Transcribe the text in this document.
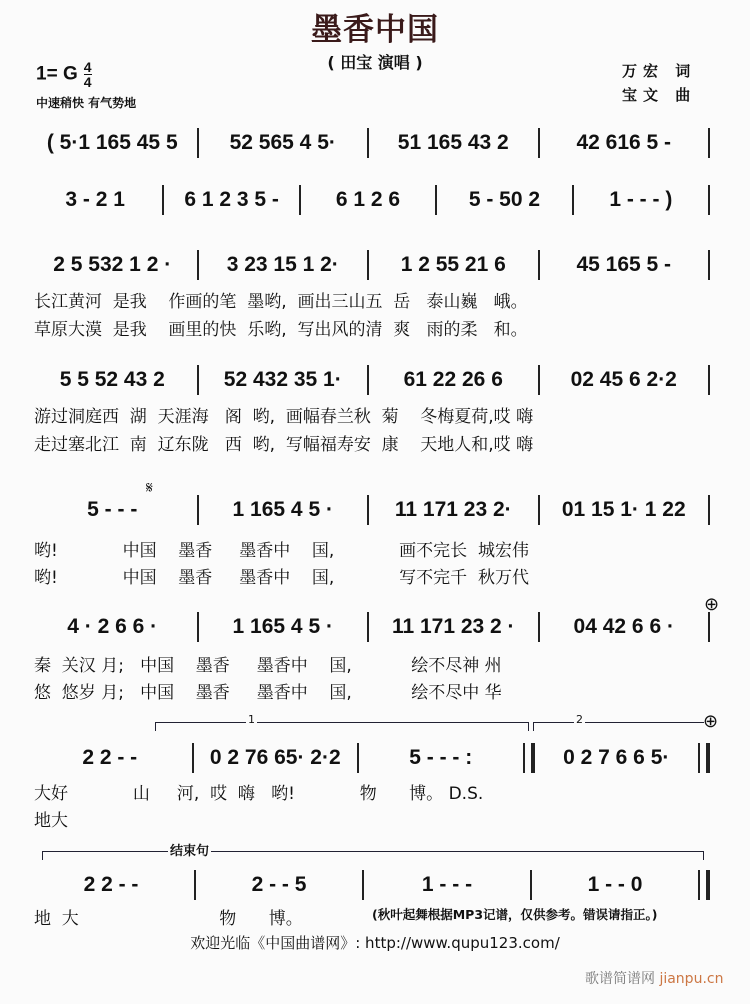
墨香中国
( 田宝 演唱 )
1= G $\frac{4}{4}$
中速稍快 有气势地
万宏 词
宝文 曲
( 5·1 165 45 5	52 565 4 5·	51 165 43 2	42 616 5 -
3 - 2 1	6 1 2 3 5 -	6 1 2 6	5 - 50 2	1 - - - )
2 5 532 1 2 ·	3 23 15 1 2·	1 2 55 21 6	45 165 5 -
长江黄河  是我    作画的笔  墨哟,  画出三山五  岳   泰山巍   峨。
草原大漠  是我    画里的快  乐哟,  写出风的清  爽   雨的柔   和。
5 5 52 43 2	52 432 35 1·	61 22 26 6	02 45 6 2·2
游过洞庭西  湖  天涯海   阁  哟,  画幅春兰秋  菊    冬梅夏荷,哎 嗨
走过塞北江  南  辽东陇   西  哟,  写幅福寿安  康    天地人和,哎 嗨
5 - - -	1 165 4 5 ·	11 171 23 2·	01 15 1· 1 22
哟!            中国    墨香     墨香中    国,            画不完长  城宏伟
哟!            中国    墨香     墨香中    国,            写不完千  秋万代
4 · 2 6 6 ·	1 165 4 5 ·	11 171 23 2 ·	04 42 6 6 ·
秦  关汉 月;   中国    墨香     墨香中    国,           绘不尽神 州
悠  悠岁 月;   中国    墨香     墨香中    国,           绘不尽中 华
2 2 - -	0 2 76 65· 2·2	5 - - - :	0 2 7 6 6 5·
大好            山     河,  哎  嗨   哟!            物      博。 D.S.
地大
2 2 - -	2 - - 5	1 - - -	1 - - 0
地  大                          物      博。
1	2	⊕
⊕
𝄋
结束句
(秋叶起舞根据MP3记谱，仅供参考。错误请指正。)
欢迎光临《中国曲谱网》: http://www.qupu123.com/
歌谱简谱网 jianpu.cn
